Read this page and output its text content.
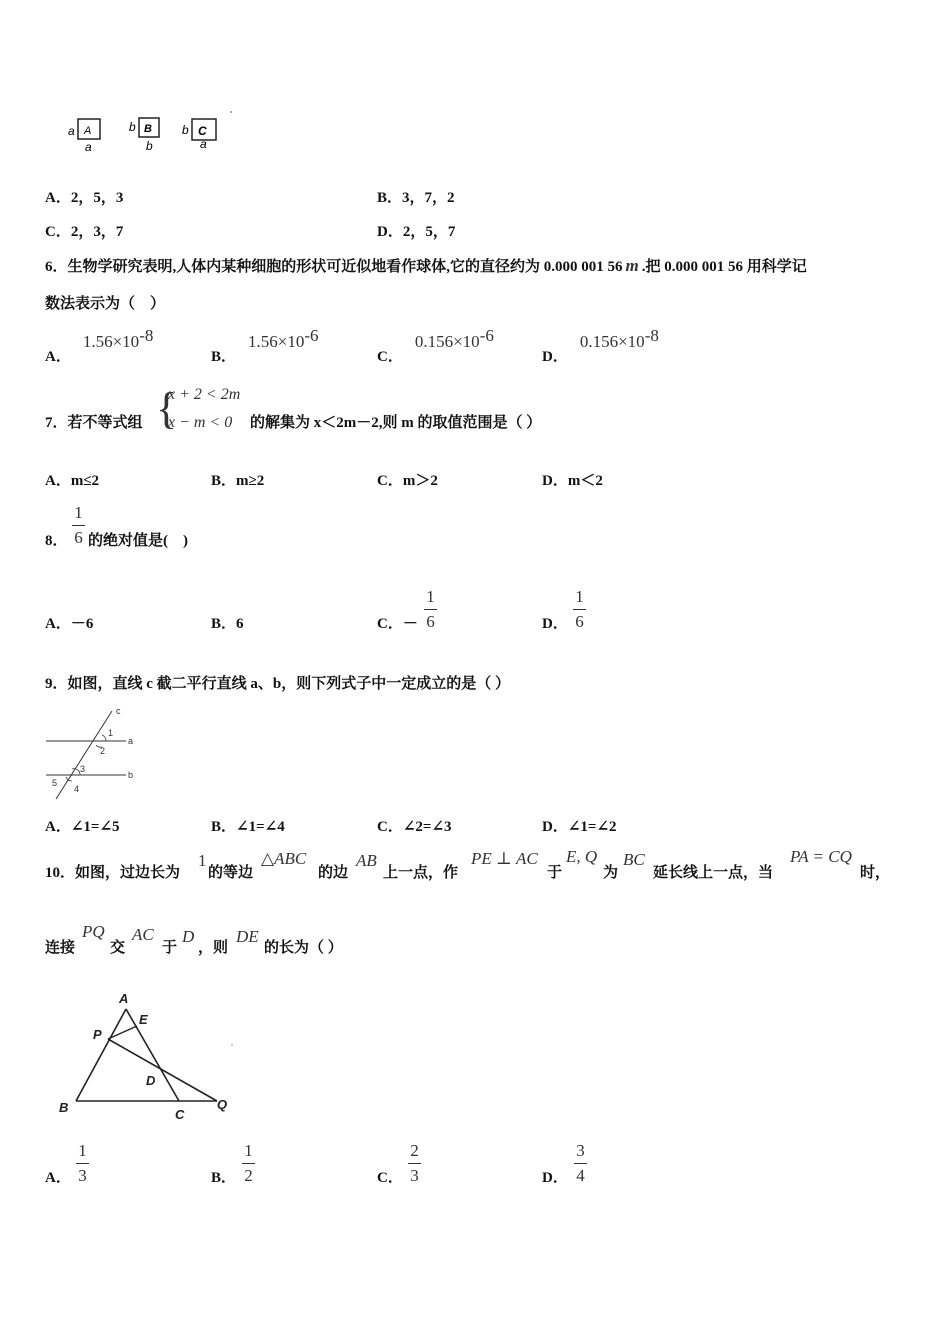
a A
a
b B
b
b C
a
A．2，5，3	B．3，7，2
C．2，3，7	D．2，5，7
6．生物学研究表明,人体内某种细胞的形状可近似地看作球体,它的直径约为 0.000 001 56 m .把 0.000 001 56 用科学记
数法表示为（　）
A．$1.56\times 10^{-8}$
B．$1.56\times 10^{-6}$
C．$0.156\times 10^{-6}$
D．$0.156\times 10^{-8}$
7．若不等式组 {
x + 2 < 2m
x − m < 0 的解集为 x＜2m－2,则 m 的取值范围是（ ）
A．m≤2	B．m≥2	C．m＞2	D．m＜2
8．
1
6 的绝对值是(　)
A．－6	B．6	C．－
1
6	D．
1
6
9．如图，直线 c 截二平行直线 a、b，则下列式子中一定成立的是（ ）
c
a
b
1
2
3
4
5
A．∠1=∠5	B．∠1=∠4	C．∠2=∠3	D．∠1=∠2
10．如图，过边长为
1
的等边
△ABC
的边
AB
上一点，作
PE ⊥ AC
于
E, Q
为
BC
延长线上一点，当
PA = CQ
时，
连接
PQ
交
AC
于
D
，则
DE
的长为（ ）
A
E
P
D
B	C
Q
A．
1
3	B．
1
2	C．
2
3	D．
3
4
